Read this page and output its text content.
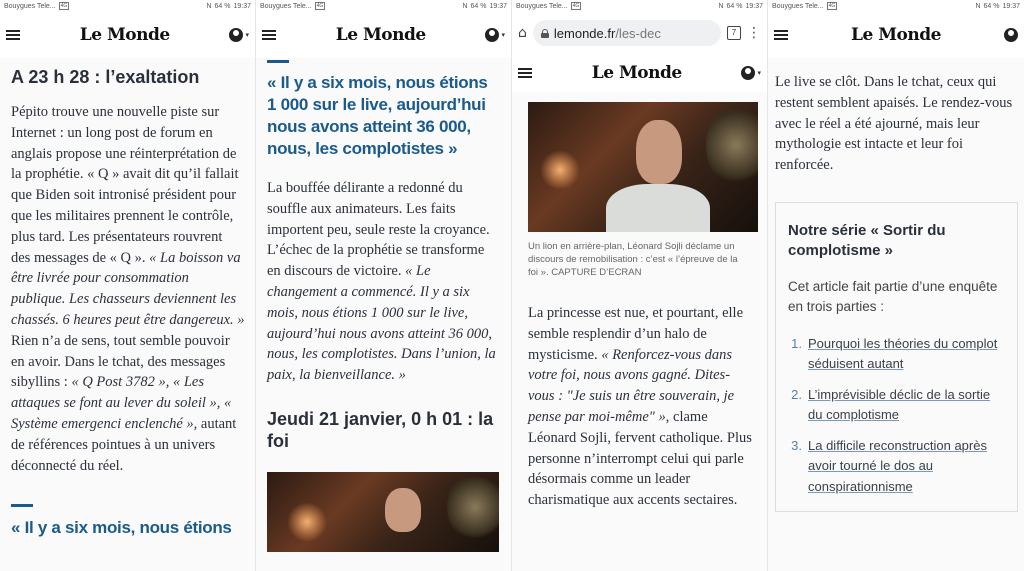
Bouygues Tele...	4G	N 64 % 19:37
Le Monde	▾
A 23 h 28 : l’exaltation

Pépito trouve une nouvelle piste sur Internet : un long post de forum en anglais propose une réinterprétation de la prophétie. « Q » avait dit qu’il fallait que Biden soit intronisé président pour que les militaires prennent le contrôle, plus tard. Les présentateurs rouvrent des messages de « Q ». « La boisson va être livrée pour consommation publique. Les chasseurs deviennent les chassés. 6 heures peut être dangereux. » Rien n’a de sens, tout semble pouvoir en avoir. Dans le tchat, des messages sibyllins : « Q Post 3782 », « Les attaques se font au lever du soleil », « Système emergenci enclenché », autant de références pointues à un univers déconnecté du réel.

« Il y a six mois, nous étions
Bouygues Tele...	4G	N 64 % 19:37
Le Monde	▾
« Il y a six mois, nous étions 1 000 sur le live, aujourd’hui nous avons atteint 36 000, nous, les complotistes »

La bouffée délirante a redonné du souffle aux animateurs. Les faits importent peu, seule reste la croyance. L’échec de la prophétie se transforme en discours de victoire. « Le changement a commencé. Il y a six mois, nous étions 1 000 sur le live, aujourd’hui nous avons atteint 36 000, nous, les complotistes. Dans l’union, la paix, la bienveillance. »

Jeudi 21 janvier, 0 h 01 : la foi
Bouygues Tele...	4G	N 64 % 19:37
⌂ lemonde.fr /les-dec	7 ⋮
Le Monde	▾

Un lion en arrière-plan, Léonard Sojli déclame un discours de remobilisation : c’est « l’épreuve de la foi ». CAPTURE D’ECRAN

La princesse est nue, et pourtant, elle semble resplendir d’un halo de mysticisme. « Renforcez-vous dans votre foi, nous avons gagné. Dites-vous : "Je suis un être souverain, je pense par moi-même" », clame Léonard Sojli, fervent catholique. Plus personne n’interrompt celui qui parle désormais comme un leader charismatique aux accents sectaires.

Bouygues Tele...	4G	N 64 % 19:37
Le Monde

Le live se clôt. Dans le tchat, ceux qui restent semblent apaisés. Le rendez-vous avec le réel a été ajourné, mais leur mythologie est intacte et leur foi renforcée.

Notre série « Sortir du complotisme »
Cet article fait partie d’une enquête en trois parties :
1. Pourquoi les théories du complot séduisent autant
2. L’imprévisible déclic de la sortie du complotisme
3. La difficile reconstruction après avoir tourné le dos au conspirationnisme
